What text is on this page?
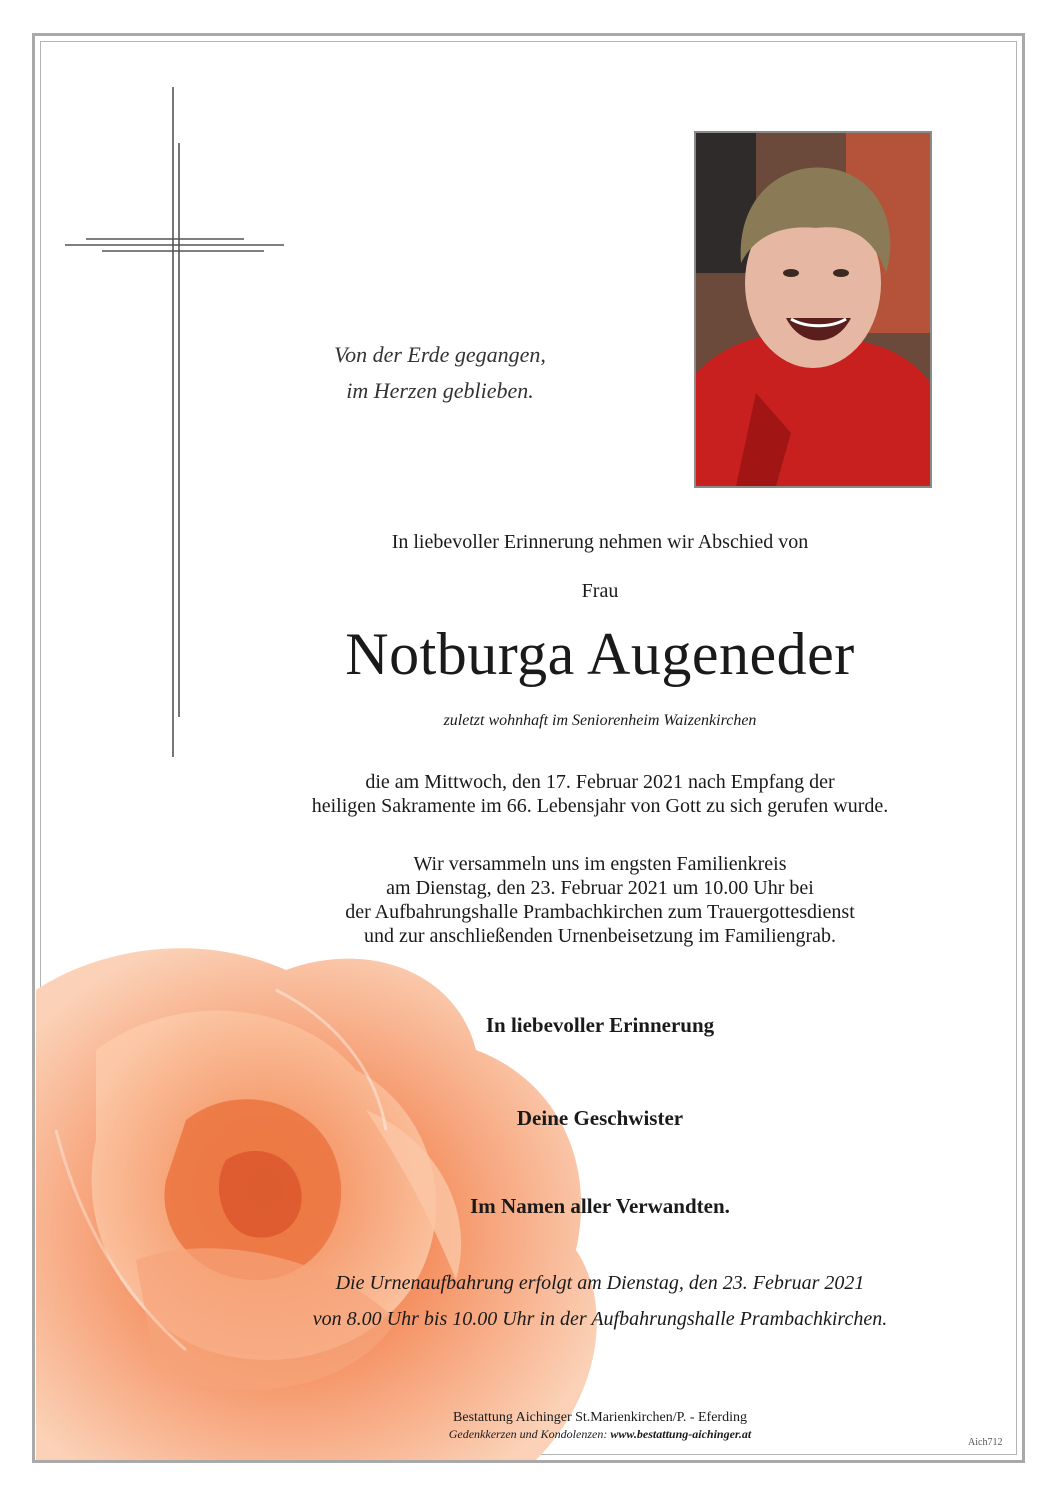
Von der Erde gegangen,
im Herzen geblieben.
In liebevoller Erinnerung nehmen wir Abschied von
Frau
Notburga Augeneder
zuletzt wohnhaft im Seniorenheim Waizenkirchen
die am Mittwoch, den 17. Februar 2021 nach Empfang der
heiligen Sakramente im 66. Lebensjahr von Gott zu sich gerufen wurde.
Wir versammeln uns im engsten Familienkreis
am Dienstag, den 23. Februar 2021 um 10.00 Uhr bei
der Aufbahrungshalle Prambachkirchen zum Trauergottesdienst
und zur anschließenden Urnenbeisetzung im Familiengrab.
In liebevoller Erinnerung
Deine Geschwister
Im Namen aller Verwandten.
Die Urnenaufbahrung erfolgt am Dienstag, den 23. Februar 2021
von 8.00 Uhr bis 10.00 Uhr in der Aufbahrungshalle Prambachkirchen.
Bestattung Aichinger St.Marienkirchen/P. - Eferding
Gedenkkerzen und Kondolenzen: www.bestattung-aichinger.at
Aich712
